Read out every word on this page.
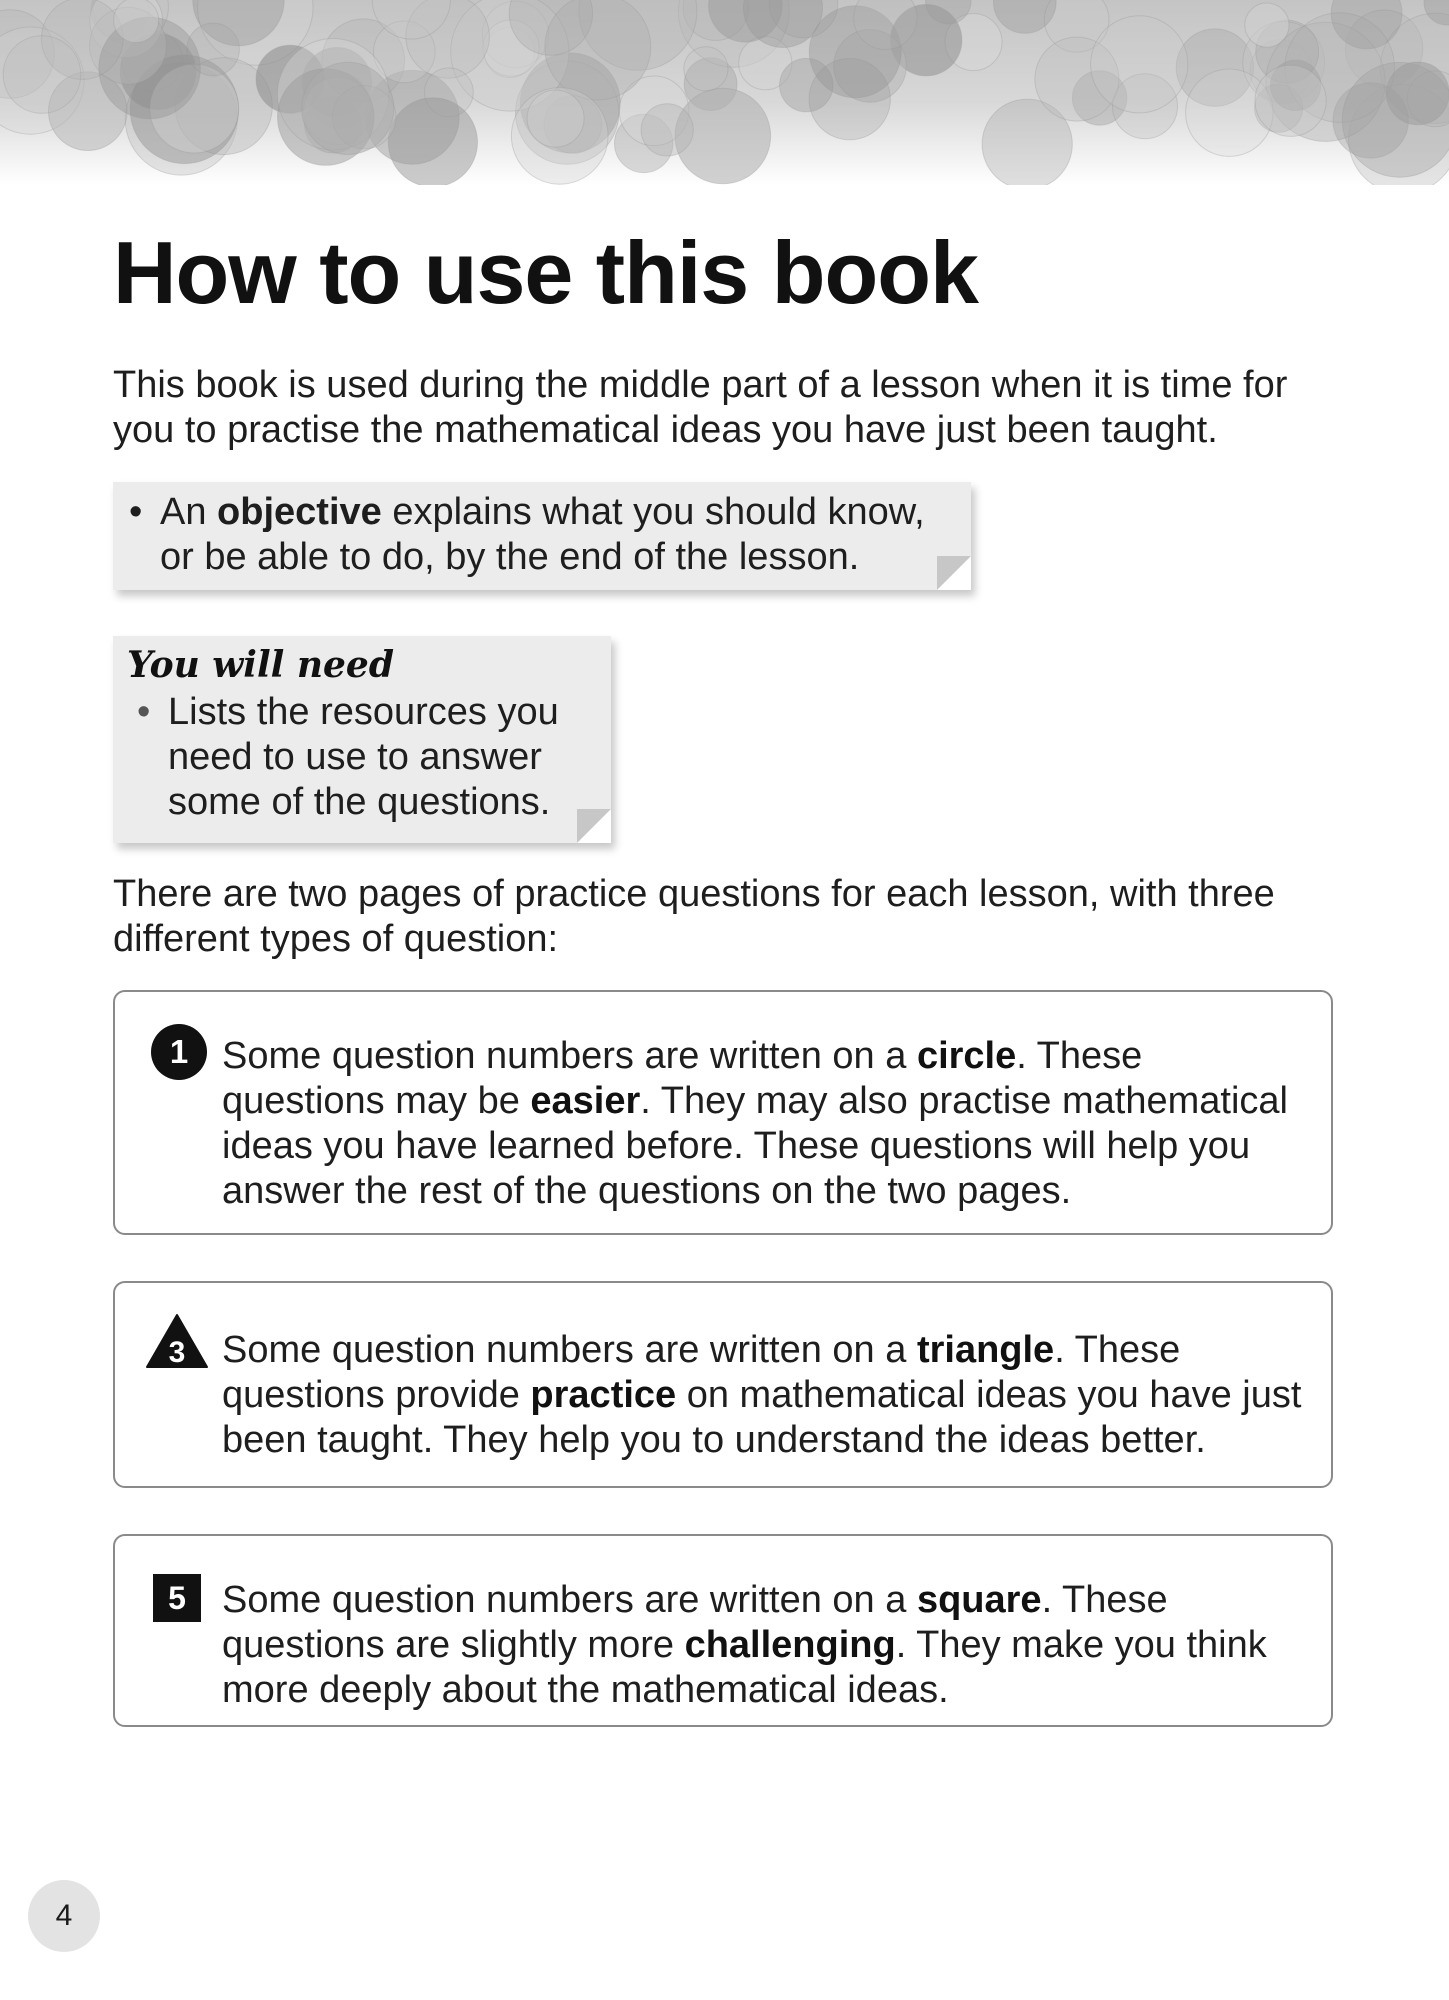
How to use this book

This book is used during the middle part of a lesson when it is time for you to practise the mathematical ideas you have just been taught.

• An objective explains what you should know,
or be able to do, by the end of the lesson.
You will need
• Lists the resources you
need to use to answer
some of the questions.

There are two pages of practice questions for each lesson, with three different types of question:

1 Some question numbers are written on a circle. These questions may be easier. They may also practise mathematical ideas you have learned before. These questions will help you answer the rest of the questions on the two pages.

3 Some question numbers are written on a triangle. These questions provide practice on mathematical ideas you have just been taught. They help you to understand the ideas better.

5 Some question numbers are written on a square. These questions are slightly more challenging. They make you think more deeply about the mathematical ideas.

4
